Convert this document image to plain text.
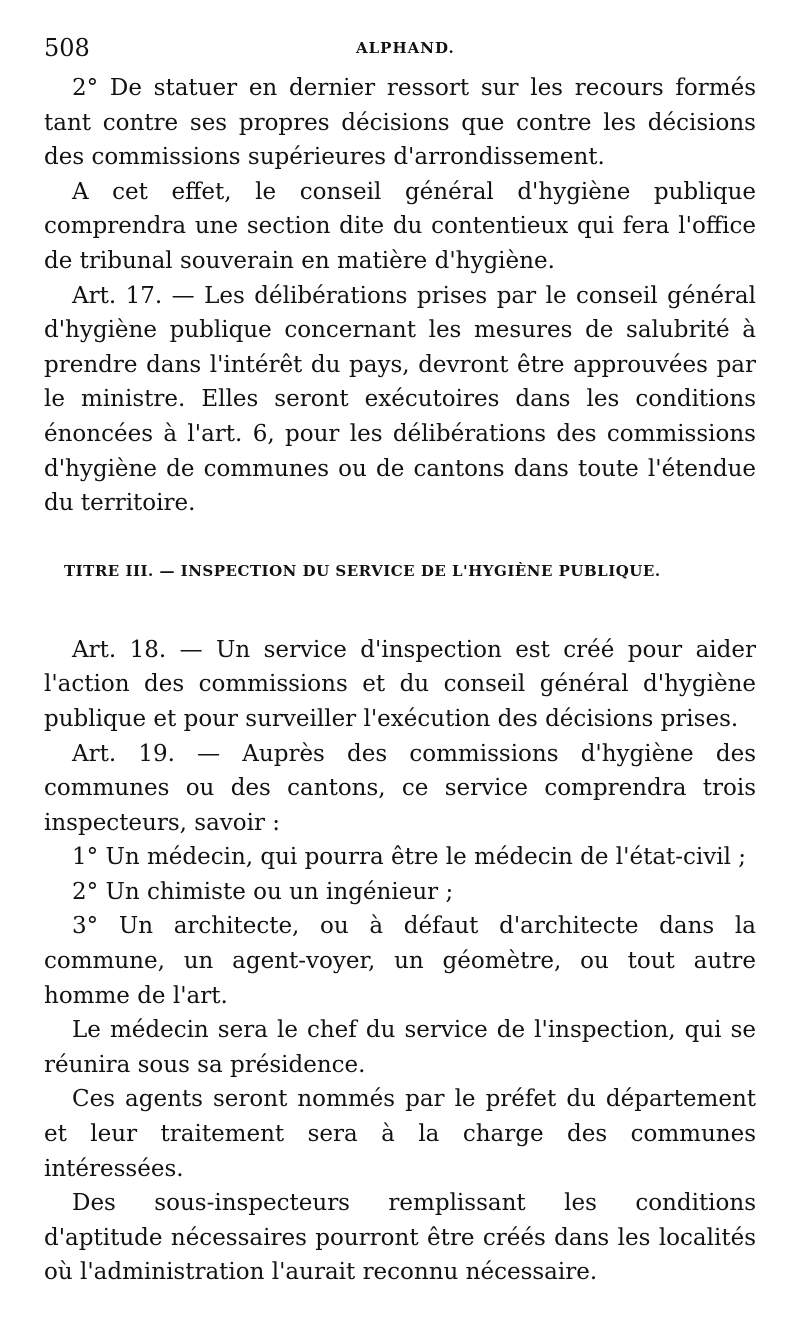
508	ALPHAND.

2° De statuer en dernier ressort sur les recours formés tant contre ses propres décisions que contre les décisions des commissions supérieures d'arrondissement.

A cet effet, le conseil général d'hygiène publique comprendra une section dite du contentieux qui fera l'office de tribunal souverain en matière d'hygiène.

Art. 17. — Les délibérations prises par le conseil général d'hygiène publique concernant les mesures de salubrité à prendre dans l'intérêt du pays, devront être approuvées par le ministre. Elles seront exécutoires dans les conditions énoncées à l'art. 6, pour les délibérations des commissions d'hygiène de communes ou de cantons dans toute l'étendue du territoire.

TITRE III. — INSPECTION DU SERVICE DE L'HYGIÈNE PUBLIQUE.

Art. 18. — Un service d'inspection est créé pour aider l'action des commissions et du conseil général d'hygiène publique et pour surveiller l'exécution des décisions prises.

Art. 19. — Auprès des commissions d'hygiène des communes ou des cantons, ce service comprendra trois inspecteurs, savoir :

1° Un médecin, qui pourra être le médecin de l'état-civil ;

2° Un chimiste ou un ingénieur ;

3° Un architecte, ou à défaut d'architecte dans la commune, un agent-voyer, un géomètre, ou tout autre homme de l'art.

Le médecin sera le chef du service de l'inspection, qui se réunira sous sa présidence.

Ces agents seront nommés par le préfet du département et leur traitement sera à la charge des communes intéressées.

Des sous-inspecteurs remplissant les conditions d'aptitude nécessaires pourront être créés dans les localités où l'administration l'aurait reconnu nécessaire.
